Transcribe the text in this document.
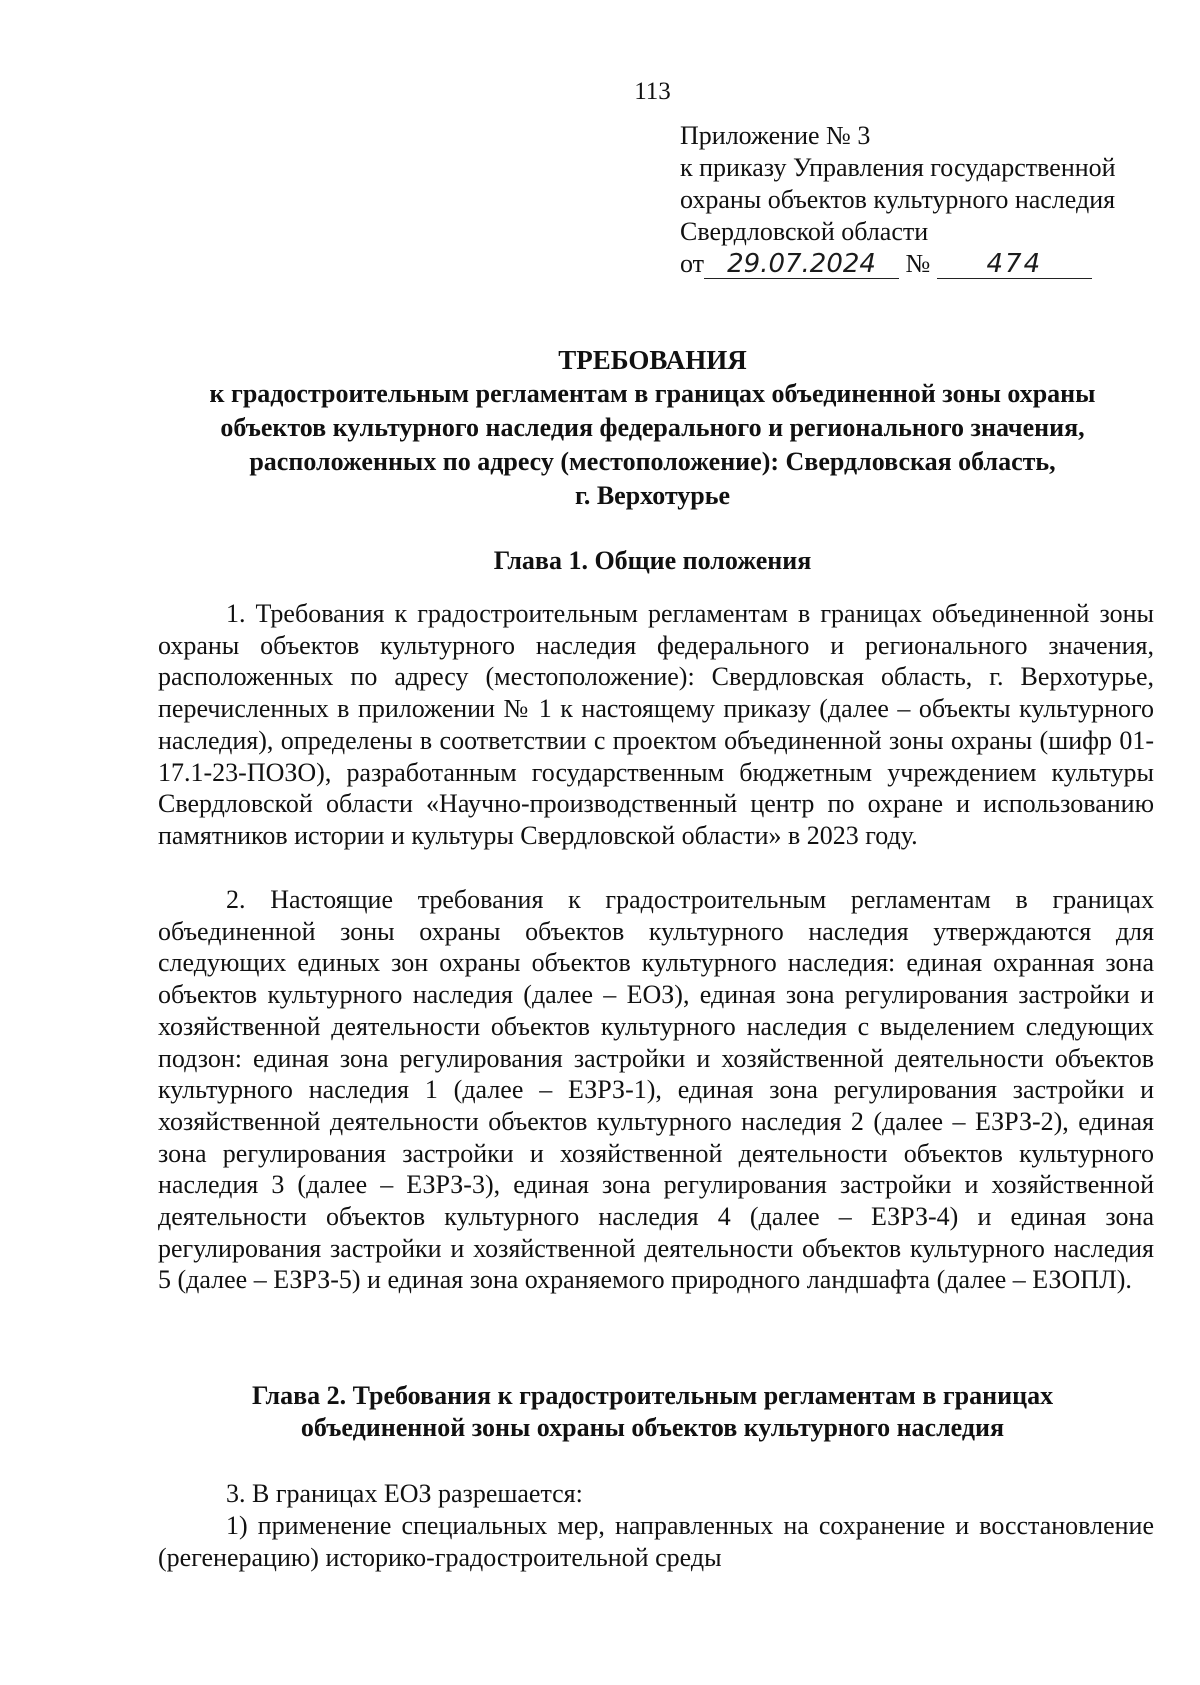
113
Приложение № 3
к приказу Управления государственной
охраны объектов культурного наследия
Свердловской области
от 29.07.2024 № 474
ТРЕБОВАНИЯ
к градостроительным регламентам в границах объединенной зоны охраны
объектов культурного наследия федерального и регионального значения,
расположенных по адресу (местоположение): Свердловская область,
г. Верхотурье
Глава 1. Общие положения
1. Требования к градостроительным регламентам в границах объединенной зоны охраны объектов культурного наследия федерального и регионального значения, расположенных по адресу (местоположение): Свердловская область, г. Верхотурье, перечисленных в приложении № 1 к настоящему приказу (далее – объекты культурного наследия), определены в соответствии с проектом объединенной зоны охраны (шифр 01-17.1-23-ПОЗО), разработанным государственным бюджетным учреждением культуры Свердловской области «Научно-производственный центр по охране и использованию памятников истории и культуры Свердловской области» в 2023 году.
2. Настоящие требования к градостроительным регламентам в границах объединенной зоны охраны объектов культурного наследия утверждаются для следующих единых зон охраны объектов культурного наследия: единая охранная зона объектов культурного наследия (далее – ЕОЗ), единая зона регулирования застройки и хозяйственной деятельности объектов культурного наследия с выделением следующих подзон: единая зона регулирования застройки и хозяйственной деятельности объектов культурного наследия 1 (далее – ЕЗРЗ-1), единая зона регулирования застройки и хозяйственной деятельности объектов культурного наследия 2 (далее – ЕЗРЗ-2), единая зона регулирования застройки и хозяйственной деятельности объектов культурного наследия 3 (далее – ЕЗРЗ-3), единая зона регулирования застройки и хозяйственной деятельности объектов культурного наследия 4 (далее – ЕЗРЗ-4) и единая зона регулирования застройки и хозяйственной деятельности объектов культурного наследия 5 (далее – ЕЗРЗ-5) и единая зона охраняемого природного ландшафта (далее – ЕЗОПЛ).
Глава 2. Требования к градостроительным регламентам в границах
объединенной зоны охраны объектов культурного наследия
3. В границах ЕОЗ разрешается:
1) применение специальных мер, направленных на сохранение и восстановление (регенерацию) историко-градостроительной среды
